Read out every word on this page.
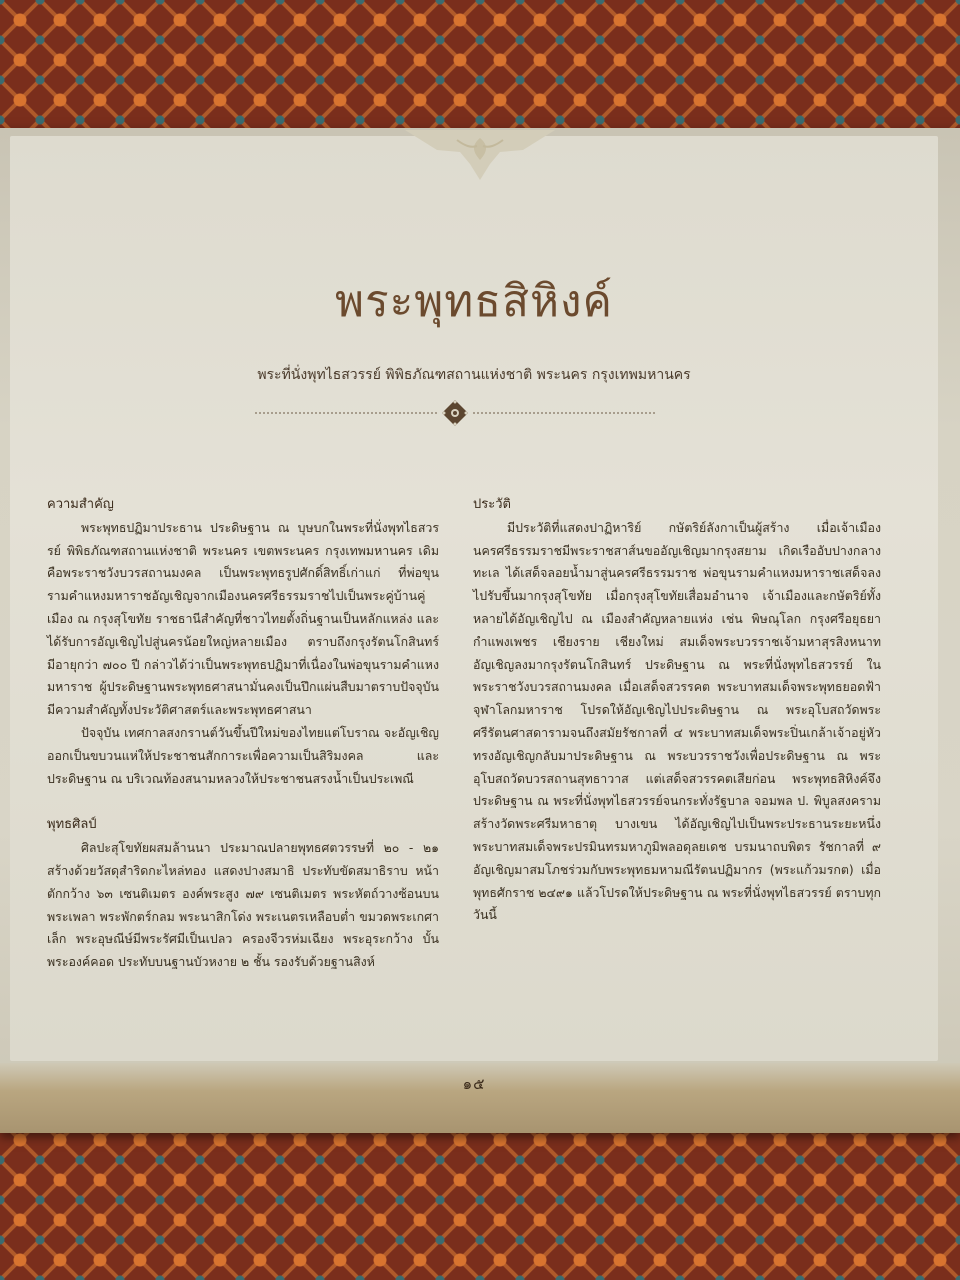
พระพุทธสิหิงค์
พระที่นั่งพุทไธสวรรย์ พิพิธภัณฑสถานแห่งชาติ พระนคร กรุงเทพมหานคร

ความสำคัญ

พระพุทธปฏิมาประธาน ประดิษฐาน ณ บุษบกในพระที่นั่งพุทไธสวรรย์ พิพิธภัณฑสถานแห่งชาติ พระนคร เขตพระนคร กรุงเทพมหานคร เดิมคือพระราชวังบวรสถานมงคล เป็นพระพุทธรูปศักดิ์สิทธิ์เก่าแก่ ที่พ่อขุนรามคำแหงมหาราชอัญเชิญจากเมืองนครศรีธรรมราชไปเป็นพระคู่บ้านคู่เมือง ณ กรุงสุโขทัย ราชธานีสำคัญที่ชาวไทยตั้งถิ่นฐานเป็นหลักแหล่ง และได้รับการอัญเชิญไปสู่นครน้อยใหญ่หลายเมือง ตราบถึงกรุงรัตนโกสินทร์ มีอายุกว่า ๗๐๐ ปี กล่าวได้ว่าเป็นพระพุทธปฏิมาที่เนื่องในพ่อขุนรามคำแหงมหาราช ผู้ประดิษฐานพระพุทธศาสนามั่นคงเป็นปึกแผ่นสืบมาตราบปัจจุบัน มีความสำคัญทั้งประวัติศาสตร์และพระพุทธศาสนา

ปัจจุบัน เทศกาลสงกรานต์วันขึ้นปีใหม่ของไทยแต่โบราณ จะอัญเชิญออกเป็นขบวนแห่ให้ประชาชนสักการะเพื่อความเป็นสิริมงคล และประดิษฐาน ณ บริเวณท้องสนามหลวงให้ประชาชนสรงน้ำเป็นประเพณี

พุทธศิลป์

ศิลปะสุโขทัยผสมล้านนา ประมาณปลายพุทธศตวรรษที่ ๒๐ - ๒๑ สร้างด้วยวัสดุสำริดกะไหล่ทอง แสดงปางสมาธิ ประทับขัดสมาธิราบ หน้าตักกว้าง ๖๓ เซนติเมตร องค์พระสูง ๗๙ เซนติเมตร พระหัตถ์วางซ้อนบนพระเพลา พระพักตร์กลม พระนาสิกโด่ง พระเนตรเหลือบต่ำ ขมวดพระเกศาเล็ก พระอุษณีษ์มีพระรัศมีเป็นเปลว ครองจีวรห่มเฉียง พระอุระกว้าง บั้นพระองค์คอด ประทับบนฐานบัวหงาย ๒ ชั้น รองรับด้วยฐานสิงห์

ประวัติ

มีประวัติที่แสดงปาฏิหาริย์ กษัตริย์ลังกาเป็นผู้สร้าง เมื่อเจ้าเมืองนครศรีธรรมราชมีพระราชสาส์นขออัญเชิญมากรุงสยาม เกิดเรืออับปางกลางทะเล ได้เสด็จลอยน้ำมาสู่นครศรีธรรมราช พ่อขุนรามคำแหงมหาราชเสด็จลงไปรับขึ้นมากรุงสุโขทัย เมื่อกรุงสุโขทัยเสื่อมอำนาจ เจ้าเมืองและกษัตริย์ทั้งหลายได้อัญเชิญไป ณ เมืองสำคัญหลายแห่ง เช่น พิษณุโลก กรุงศรีอยุธยา กำแพงเพชร เชียงราย เชียงใหม่ สมเด็จพระบวรราชเจ้ามหาสุรสิงหนาท อัญเชิญลงมากรุงรัตนโกสินทร์ ประดิษฐาน ณ พระที่นั่งพุทไธสวรรย์ ในพระราชวังบวรสถานมงคล เมื่อเสด็จสวรรคต พระบาทสมเด็จพระพุทธยอดฟ้าจุฬาโลกมหาราช โปรดให้อัญเชิญไปประดิษฐาน ณ พระอุโบสถวัดพระศรีรัตนศาสดารามจนถึงสมัยรัชกาลที่ ๔ พระบาทสมเด็จพระปิ่นเกล้าเจ้าอยู่หัว ทรงอัญเชิญกลับมาประดิษฐาน ณ พระบวรราชวังเพื่อประดิษฐาน ณ พระอุโบสถวัดบวรสถานสุทธาวาส แต่เสด็จสวรรคตเสียก่อน พระพุทธสิหิงค์จึงประดิษฐาน ณ พระที่นั่งพุทไธสวรรย์จนกระทั่งรัฐบาล จอมพล ป. พิบูลสงคราม สร้างวัดพระศรีมหาธาตุ บางเขน ได้อัญเชิญไปเป็นพระประธานระยะหนึ่ง พระบาทสมเด็จพระปรมินทรมหาภูมิพลอดุลยเดช บรมนาถบพิตร รัชกาลที่ ๙ อัญเชิญมาสมโภชร่วมกับพระพุทธมหามณีรัตนปฏิมากร (พระแก้วมรกต) เมื่อพุทธศักราช ๒๔๙๑ แล้วโปรดให้ประดิษฐาน ณ พระที่นั่งพุทไธสวรรย์ ตราบทุกวันนี้

๑๕
